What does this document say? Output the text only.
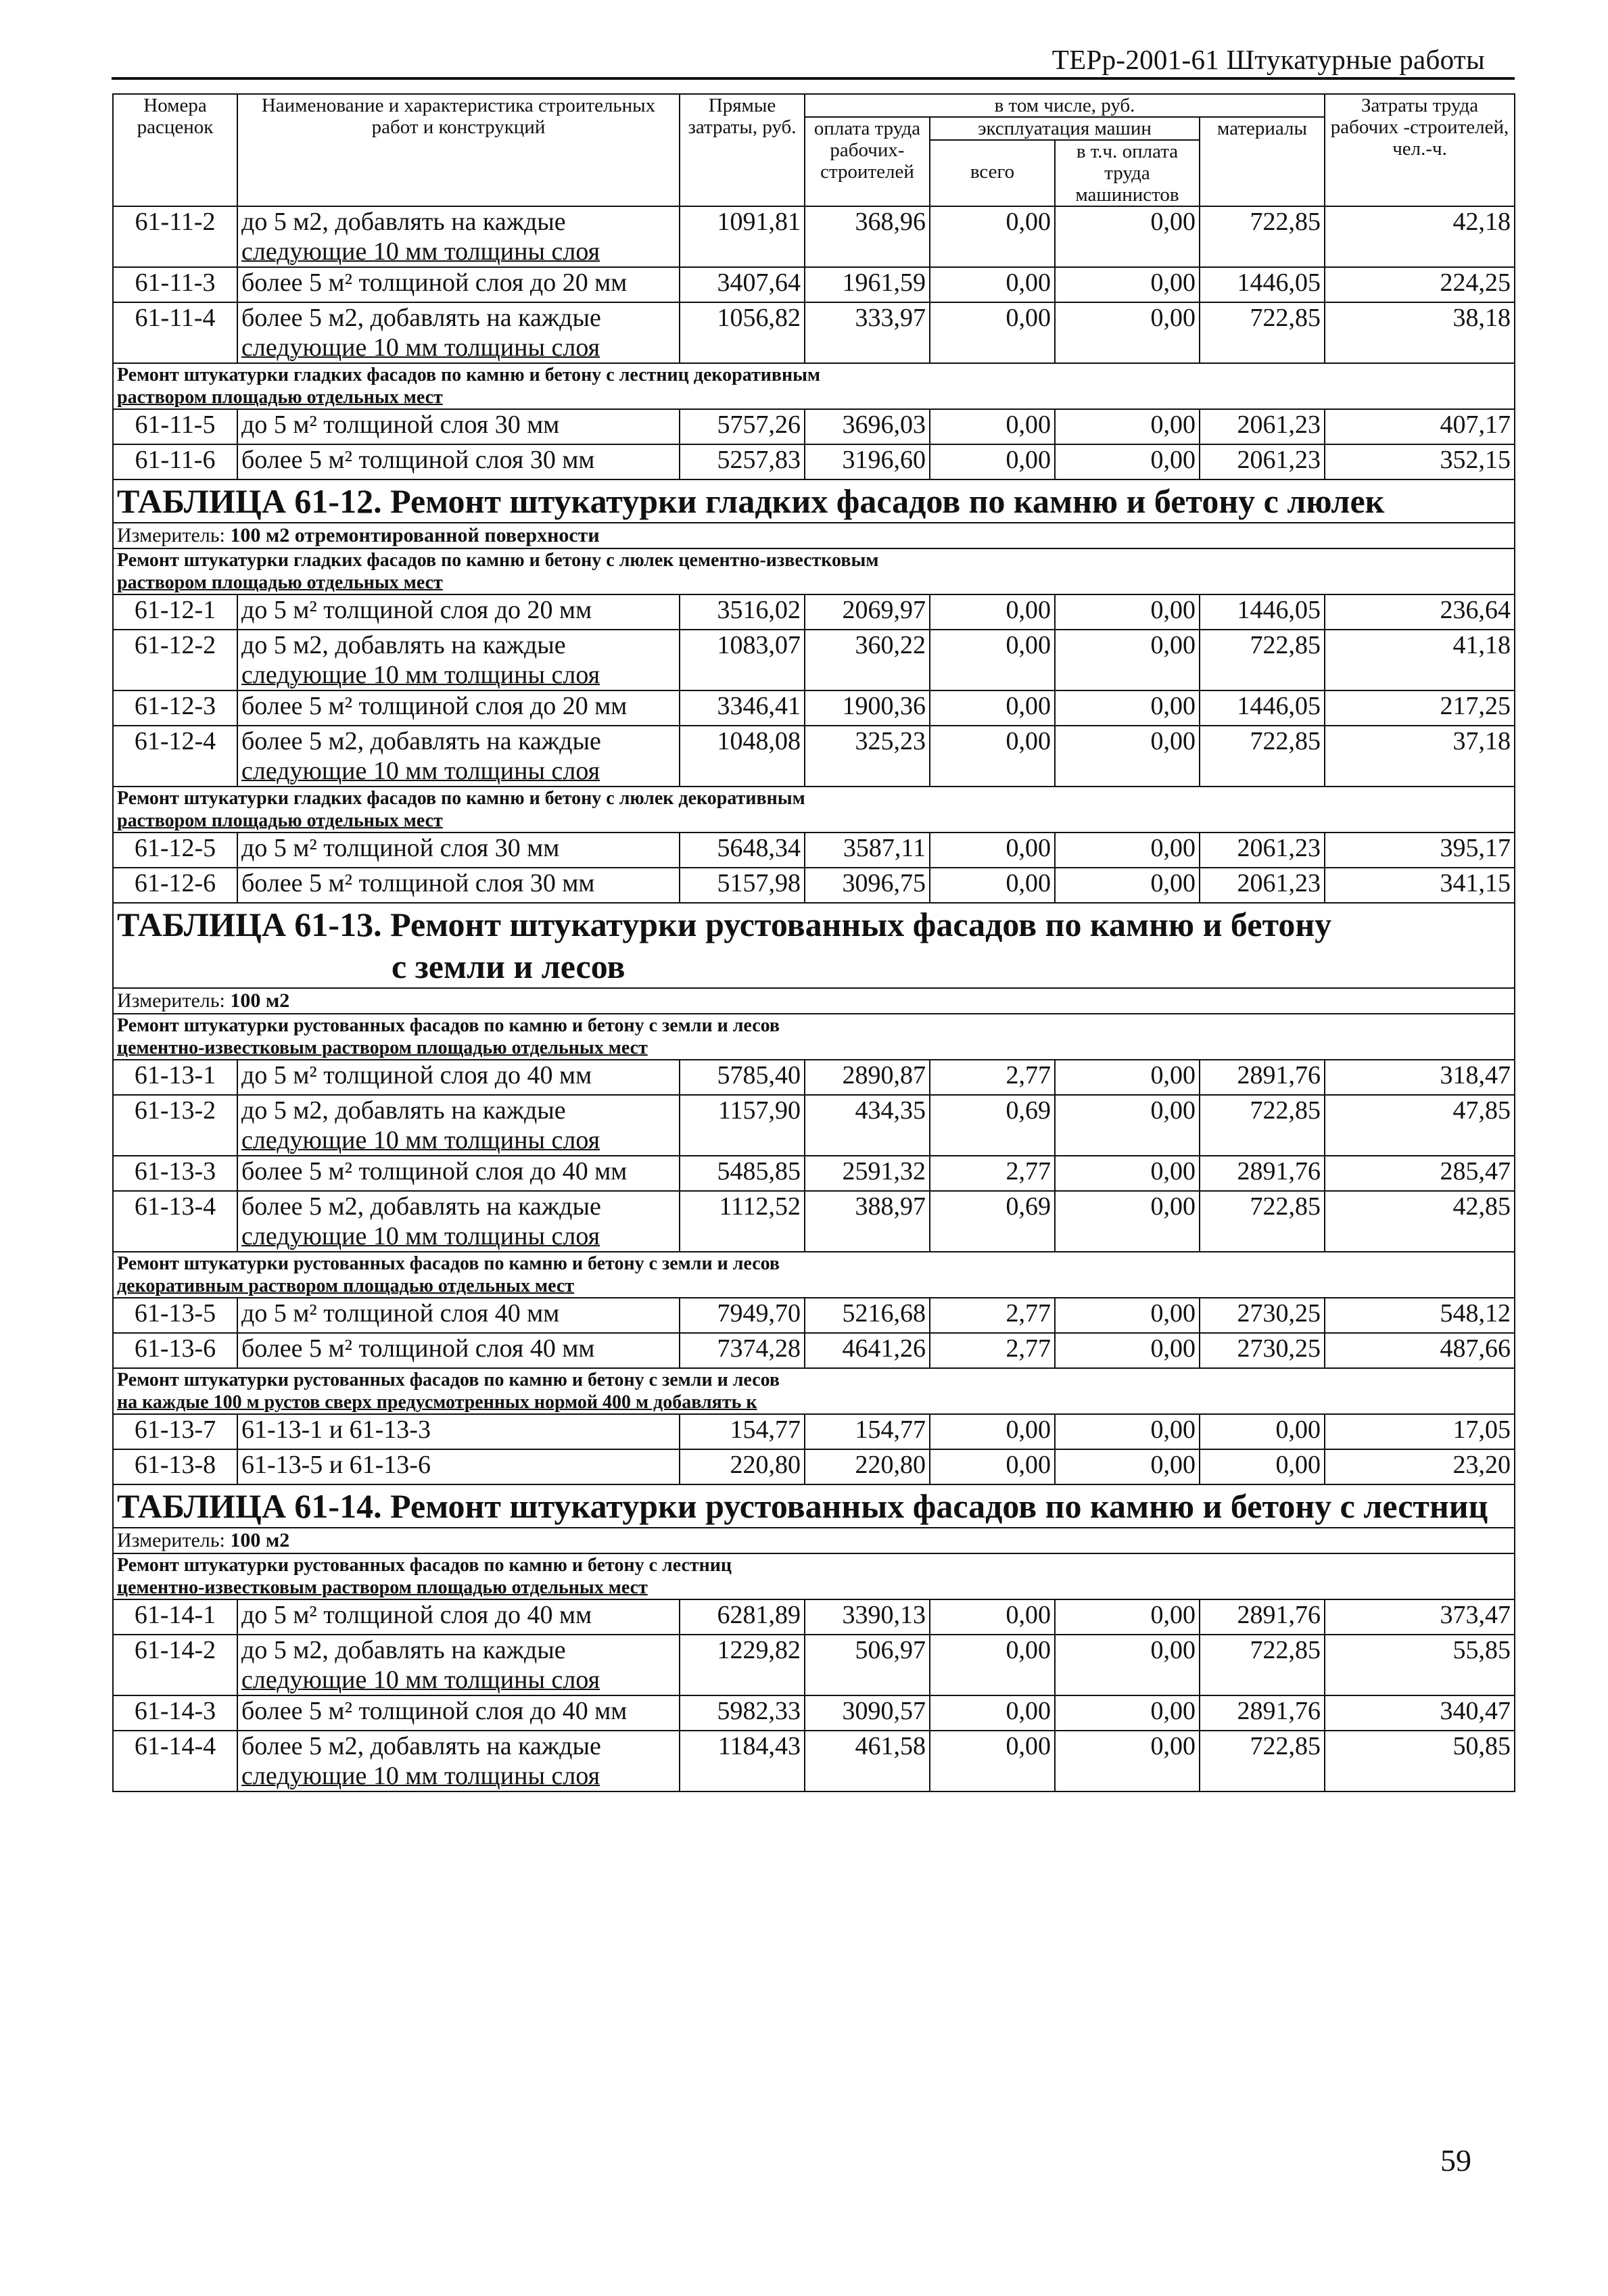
ТЕРр-2001-61 Штукатурные работы
Номера расценок	Наименование и характеристика строительных работ и конструкций	Прямые затраты, руб.	в том числе, руб.				Затраты труда рабочих -строителей, чел.-ч.
			оплата труда рабочих-строителей	эксплуатация машин		материалы	
				всего	в т.ч. оплата труда машинистов		
61-11-2	до 5 м2, добавлять на каждые
следующие 10 мм толщины слоя	1091,81	368,96	0,00	0,00	722,85	42,18
61-11-3	более 5 м² толщиной слоя до 20 мм	3407,64	1961,59	0,00	0,00	1446,05	224,25
61-11-4	более 5 м2, добавлять на каждые
следующие 10 мм толщины слоя	1056,82	333,97	0,00	0,00	722,85	38,18

Ремонт штукатурки гладких фасадов по камню и бетону с лестниц декоративным
раствором площадью отдельных мест							

61-11-5	до 5 м² толщиной слоя 30 мм	5757,26	3696,03	0,00	0,00	2061,23	407,17
61-11-6	более 5 м² толщиной слоя 30 мм	5257,83	3196,60	0,00	0,00	2061,23	352,15
ТАБЛИЦА 61-12. Ремонт штукатурки гладких фасадов по камню и бетону с люлек							
Измеритель: 100 м2 отремонтированной поверхности							

Ремонт штукатурки гладких фасадов по камню и бетону с люлек цементно-известковым
раствором площадью отдельных мест							

61-12-1	до 5 м² толщиной слоя до 20 мм	3516,02	2069,97	0,00	0,00	1446,05	236,64
61-12-2	до 5 м2, добавлять на каждые
следующие 10 мм толщины слоя	1083,07	360,22	0,00	0,00	722,85	41,18
61-12-3	более 5 м² толщиной слоя до 20 мм	3346,41	1900,36	0,00	0,00	1446,05	217,25
61-12-4	более 5 м2, добавлять на каждые
следующие 10 мм толщины слоя	1048,08	325,23	0,00	0,00	722,85	37,18

Ремонт штукатурки гладких фасадов по камню и бетону с люлек декоративным
раствором площадью отдельных мест							

61-12-5	до 5 м² толщиной слоя 30 мм	5648,34	3587,11	0,00	0,00	2061,23	395,17
61-12-6	более 5 м² толщиной слоя 30 мм	5157,98	3096,75	0,00	0,00	2061,23	341,15
ТАБЛИЦА 61-13. Ремонт штукатурки рустованных фасадов по камню и бетону
с земли и лесов							

Измеритель: 100 м2							

Ремонт штукатурки рустованных фасадов по камню и бетону с земли и лесов
цементно-известковым раствором площадью отдельных мест							

61-13-1	до 5 м² толщиной слоя до 40 мм	5785,40	2890,87	2,77	0,00	2891,76	318,47
61-13-2	до 5 м2, добавлять на каждые
следующие 10 мм толщины слоя	1157,90	434,35	0,69	0,00	722,85	47,85
61-13-3	более 5 м² толщиной слоя до 40 мм	5485,85	2591,32	2,77	0,00	2891,76	285,47
61-13-4	более 5 м2, добавлять на каждые
следующие 10 мм толщины слоя	1112,52	388,97	0,69	0,00	722,85	42,85

Ремонт штукатурки рустованных фасадов по камню и бетону с земли и лесов
декоративным раствором площадью отдельных мест							

61-13-5	до 5 м² толщиной слоя 40 мм	7949,70	5216,68	2,77	0,00	2730,25	548,12
61-13-6	более 5 м² толщиной слоя 40 мм	7374,28	4641,26	2,77	0,00	2730,25	487,66

Ремонт штукатурки рустованных фасадов по камню и бетону с земли и лесов
на каждые 100 м рустов сверх предусмотренных нормой 400 м добавлять к							

61-13-7	61-13-1 и 61-13-3	154,77	154,77	0,00	0,00	0,00	17,05
61-13-8	61-13-5 и 61-13-6	220,80	220,80	0,00	0,00	0,00	23,20
ТАБЛИЦА 61-14. Ремонт штукатурки рустованных фасадов по камню и бетону с лестниц							
Измеритель: 100 м2							

Ремонт штукатурки рустованных фасадов по камню и бетону с лестниц
цементно-известковым раствором площадью отдельных мест							

61-14-1	до 5 м² толщиной слоя до 40 мм	6281,89	3390,13	0,00	0,00	2891,76	373,47
61-14-2	до 5 м2, добавлять на каждые
следующие 10 мм толщины слоя	1229,82	506,97	0,00	0,00	722,85	55,85
61-14-3	более 5 м² толщиной слоя до 40 мм	5982,33	3090,57	0,00	0,00	2891,76	340,47
61-14-4	более 5 м2, добавлять на каждые
следующие 10 мм толщины слоя	1184,43	461,58	0,00	0,00	722,85	50,85
59
